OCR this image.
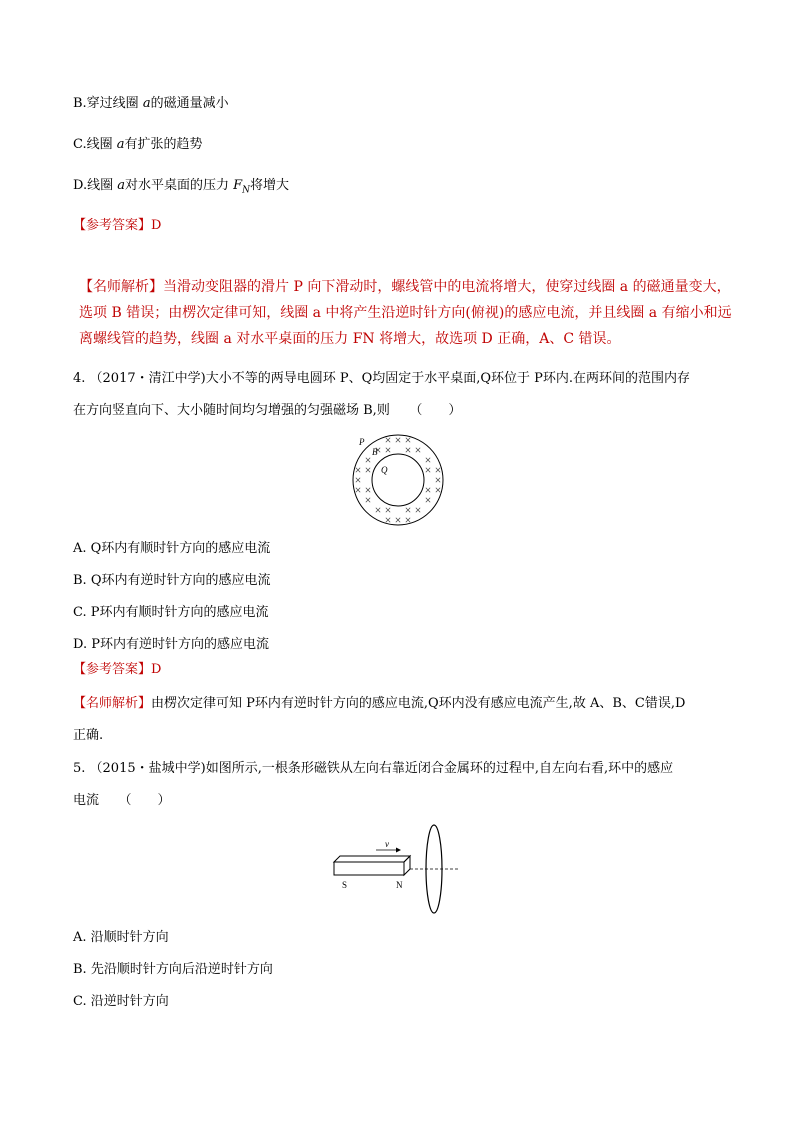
B.穿过线圈 a的磁通量减小
C.线圈 a有扩张的趋势
D.线圈 a对水平桌面的压力 $F_N$将增大
【参考答案】D
【名师解析】当滑动变阻器的滑片 P 向下滑动时，螺线管中的电流将增大，使穿过线圈 a 的磁通量变大，
选项 B 错误；由楞次定律可知，线圈 a 中将产生沿逆时针方向(俯视)的感应电流，并且线圈 a 有缩小和远
离螺线管的趋势，线圈 a 对水平桌面的压力 FN 将增大，故选项 D 正确，A、C 错误。
4. （2017・清江中学)大小不等的两导电圆环 P、Q均固定于水平桌面,Q环位于 P环内.在两环间的范围内存
在方向竖直向下、大小随时间均匀增强的匀强磁场 B,则　　（　　）
P
B
Q
A. Q环内有顺时针方向的感应电流
B. Q环内有逆时针方向的感应电流
C. P环内有顺时针方向的感应电流
D. P环内有逆时针方向的感应电流
【参考答案】D
【名师解析】由楞次定律可知 P环内有逆时针方向的感应电流,Q环内没有感应电流产生,故 A、B、C错误,D
正确.
5. （2015・盐城中学)如图所示,一根条形磁铁从左向右靠近闭合金属环的过程中,自左向右看,环中的感应
电流　　（　　）
v
S	N
A. 沿顺时针方向
B. 先沿顺时针方向后沿逆时针方向
C. 沿逆时针方向
